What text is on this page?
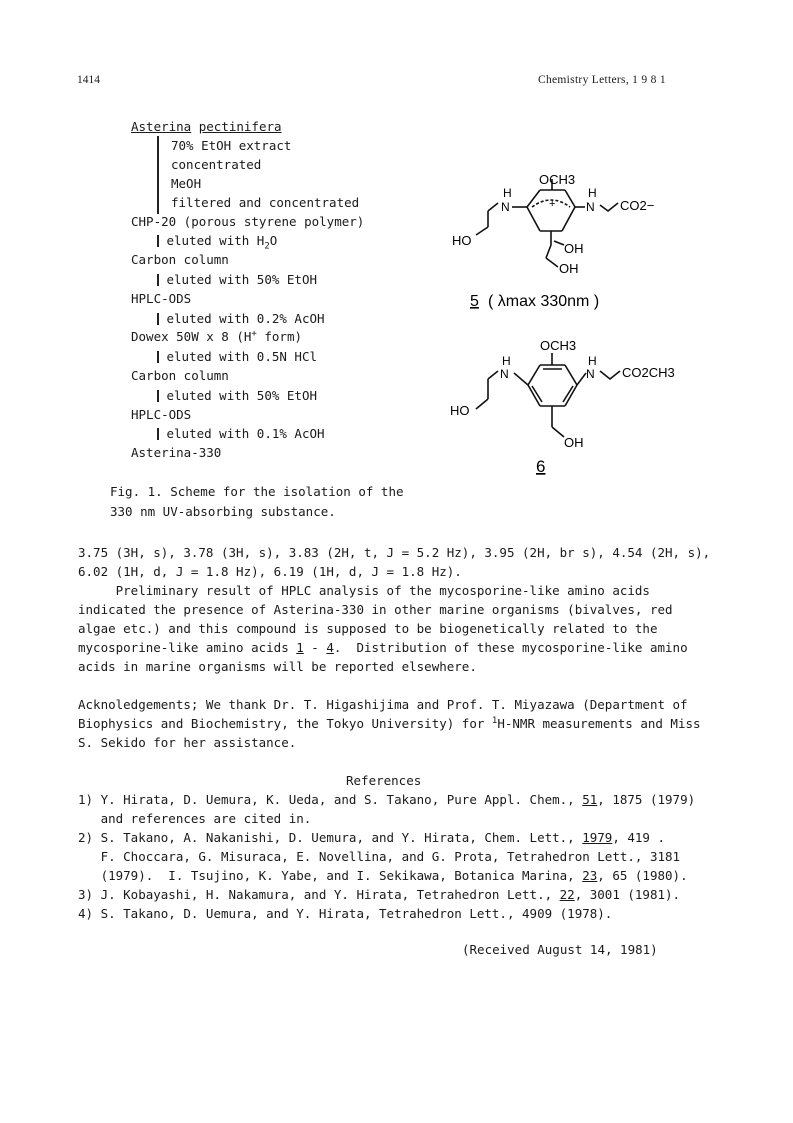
1414	Chemistry Letters, 1 9 8 1
Asterina pectinifera
70% EtOH extract
concentrated
MeOH
filtered and concentrated
CHP-20 (porous styrene polymer)
eluted with $H_2O$
Carbon column
eluted with 50% EtOH
HPLC-ODS
eluted with 0.2% AcOH
Dowex 50W x 8 (H+ form)
eluted with 0.5N HCl
Carbon column
eluted with 50% EtOH
HPLC-ODS
eluted with 0.1% AcOH
Asterina-330
Fig. 1. Scheme for the isolation of the
330 nm UV-absorbing substance.
+
OCH3
H
N
H
N CO2−
HO
OH
OH
5 ( λmax 330nm )
OCH3
H
N
H
N CO2CH3
HO
OH
6
3.75 (3H, s), 3.78 (3H, s), 3.83 (2H, t, J = 5.2 Hz), 3.95 (2H, br s), 4.54 (2H, s),
6.02 (1H, d, J = 1.8 Hz), 6.19 (1H, d, J = 1.8 Hz).
Preliminary result of HPLC analysis of the mycosporine-like amino acids
indicated the presence of Asterina-330 in other marine organisms (bivalves, red
algae etc.) and this compound is supposed to be biogenetically related to the
mycosporine-like amino acids 1 - 4.  Distribution of these mycosporine-like amino
acids in marine organisms will be reported elsewhere.
Acknoledgements; We thank Dr. T. Higashijima and Prof. T. Miyazawa (Department of
Biophysics and Biochemistry, the Tokyo University) for $^1$H-NMR measurements and Miss
S. Sekido for her assistance.
References
1) Y. Hirata, D. Uemura, K. Ueda, and S. Takano, Pure Appl. Chem., 51, 1875 (1979)
and references are cited in.
2) S. Takano, A. Nakanishi, D. Uemura, and Y. Hirata, Chem. Lett., 1979, 419 .
F. Choccara, G. Misuraca, E. Novellina, and G. Prota, Tetrahedron Lett., 3181
(1979).  I. Tsujino, K. Yabe, and I. Sekikawa, Botanica Marina, 23, 65 (1980).
3) J. Kobayashi, H. Nakamura, and Y. Hirata, Tetrahedron Lett., 22, 3001 (1981).
4) S. Takano, D. Uemura, and Y. Hirata, Tetrahedron Lett., 4909 (1978).
(Received August 14, 1981)
